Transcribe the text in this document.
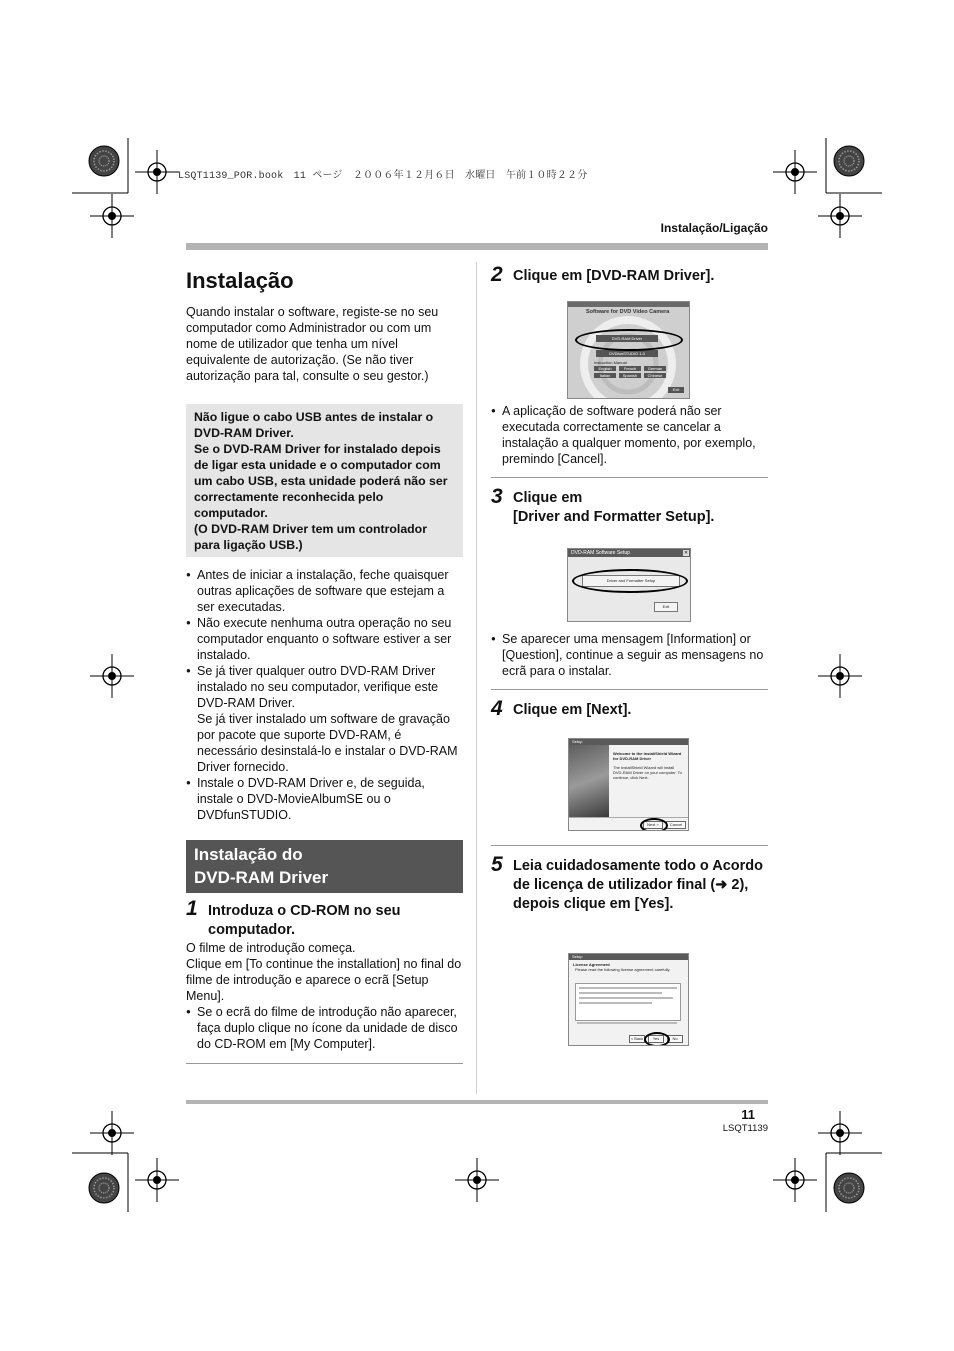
LSQT1139_POR.book　11 ページ　２００６年１２月６日　水曜日　午前１０時２２分
Instalação/Ligação
Instalação
Quando instalar o software, registe-se no seu computador como Administrador ou com um nome de utilizador que tenha um nível equivalente de autorização. (Se não tiver autorização para tal, consulte o seu gestor.)
Não ligue o cabo USB antes de instalar o DVD-RAM Driver.
Se o DVD-RAM Driver for instalado depois de ligar esta unidade e o computador com um cabo USB, esta unidade poderá não ser correctamente reconhecida pelo computador.
(O DVD-RAM Driver tem um controlador para ligação USB.)
● Antes de iniciar a instalação, feche quaisquer outras aplicações de software que estejam a ser executadas.
● Não execute nenhuma outra operação no seu computador enquanto o software estiver a ser instalado.
● Se já tiver qualquer outro DVD-RAM Driver instalado no seu computador, verifique este DVD-RAM Driver.
Se já tiver instalado um software de gravação por pacote que suporte DVD-RAM, é necessário desinstalá-lo e instalar o DVD-RAM Driver fornecido.
● Instale o DVD-RAM Driver e, de seguida, instale o DVD-MovieAlbumSE ou o DVDfunSTUDIO.
Instalação do
DVD-RAM Driver
1 Introduza o CD-ROM no seu computador.
O filme de introdução começa.
Clique em [To continue the installation] no final do filme de introdução e aparece o ecrã [Setup Menu].
● Se o ecrã do filme de introdução não aparecer, faça duplo clique no ícone da unidade de disco do CD-ROM em [My Computer].
2 Clique em [DVD-RAM Driver].
Software for DVD Video Camera
DVD-RAM Driver
DVDfunSTUDIO 1.0
Instruction Manual
English	French	German
Italian	Spanish	Chinese
Exit
● A aplicação de software poderá não ser executada correctamente se cancelar a instalação a qualquer momento, por exemplo, premindo [Cancel].
3 Clique em
[Driver and Formatter Setup].
DVD-RAM Software Setup	✕
Driver and Formatter Setup
Exit
● Se aparecer uma mensagem [Information] or [Question], continue a seguir as mensagens no ecrã para o instalar.
4 Clique em [Next].
Setup
Welcome to the InstallShield Wizard for DVD-RAM Driver
The InstallShield Wizard will install DVD-RAM Driver on your computer. To continue, click Next.
Next >	Cancel
5 Leia cuidadosamente todo o Acordo de licença de utilizador final (➜ 2), depois clique em [Yes].
Setup
License Agreement
Please read the following license agreement carefully.
< Back	Yes	No
11
LSQT1139
